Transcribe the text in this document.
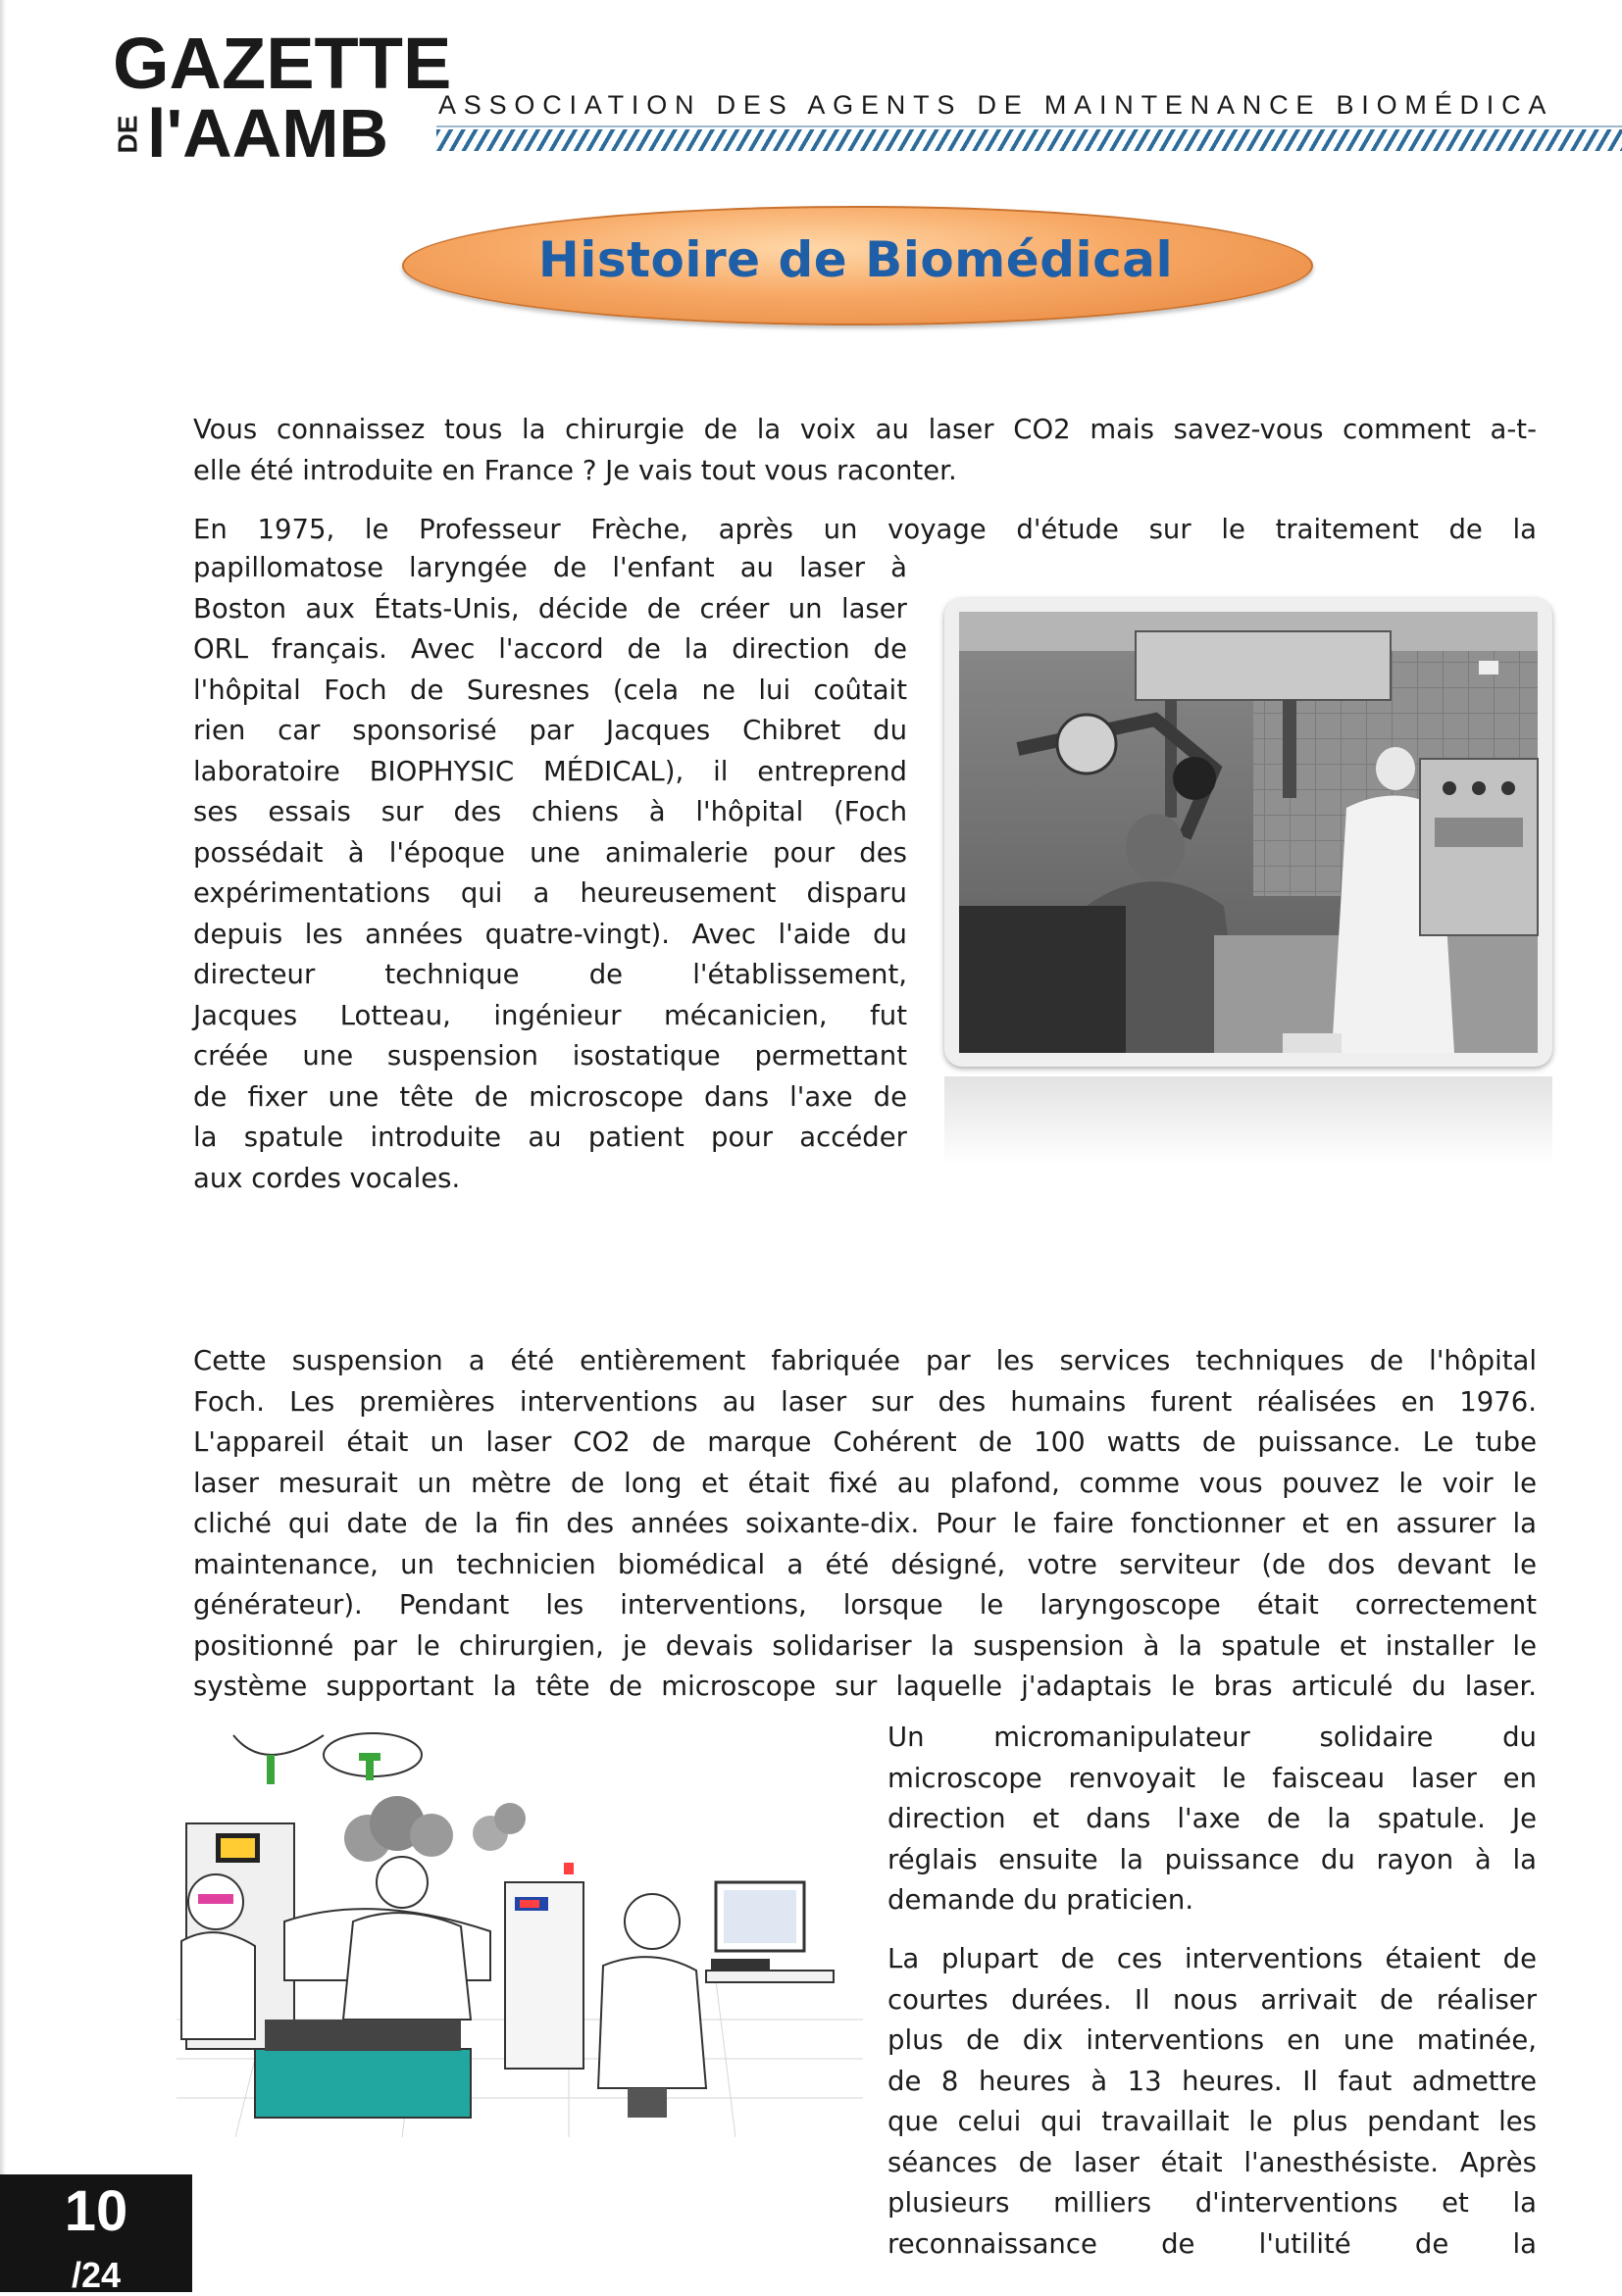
GAZETTE
DE l'AAMB ASSOCIATION DES AGENTS DE MAINTENANCE BIOMÉDICA
Histoire de Biomédical
Vous connaissez tous la chirurgie de la voix au laser CO2 mais savez-vous comment a-t-
elle été introduite en France ? Je vais tout vous raconter.
En 1975, le Professeur Frèche, après un voyage d'étude sur le traitement de la
papillomatose laryngée de l'enfant au laser à
Boston aux États-Unis, décide de créer un laser
ORL français. Avec l'accord de la direction de
l'hôpital Foch de Suresnes (cela ne lui coûtait
rien car sponsorisé par Jacques Chibret du
laboratoire BIOPHYSIC MÉDICAL), il entreprend
ses essais sur des chiens à l'hôpital (Foch
possédait à l'époque une animalerie pour des
expérimentations qui a heureusement disparu
depuis les années quatre-vingt). Avec l'aide du
directeur technique de l'établissement,
Jacques Lotteau, ingénieur mécanicien, fut
créée une suspension isostatique permettant
de fixer une tête de microscope dans l'axe de
la spatule introduite au patient pour accéder
aux cordes vocales.
Cette suspension a été entièrement fabriquée par les services techniques de l'hôpital
Foch. Les premières interventions au laser sur des humains furent réalisées en 1976.
L'appareil était un laser CO2 de marque Cohérent de 100 watts de puissance. Le tube
laser mesurait un mètre de long et était fixé au plafond, comme vous pouvez le voir le
cliché qui date de la fin des années soixante-dix. Pour le faire fonctionner et en assurer la
maintenance, un technicien biomédical a été désigné, votre serviteur (de dos devant le
générateur). Pendant les interventions, lorsque le laryngoscope était correctement
positionné par le chirurgien, je devais solidariser la suspension à la spatule et installer le
système supportant la tête de microscope sur laquelle j'adaptais le bras articulé du laser.
Un micromanipulateur solidaire du
microscope renvoyait le faisceau laser en
direction et dans l'axe de la spatule. Je
réglais ensuite la puissance du rayon à la
demande du praticien.
La plupart de ces interventions étaient de
courtes durées. Il nous arrivait de réaliser
plus de dix interventions en une matinée,
de 8 heures à 13 heures. Il faut admettre
que celui qui travaillait le plus pendant les
séances de laser était l'anesthésiste. Après
plusieurs milliers d'interventions et la
reconnaissance de l'utilité de la
10
/24
